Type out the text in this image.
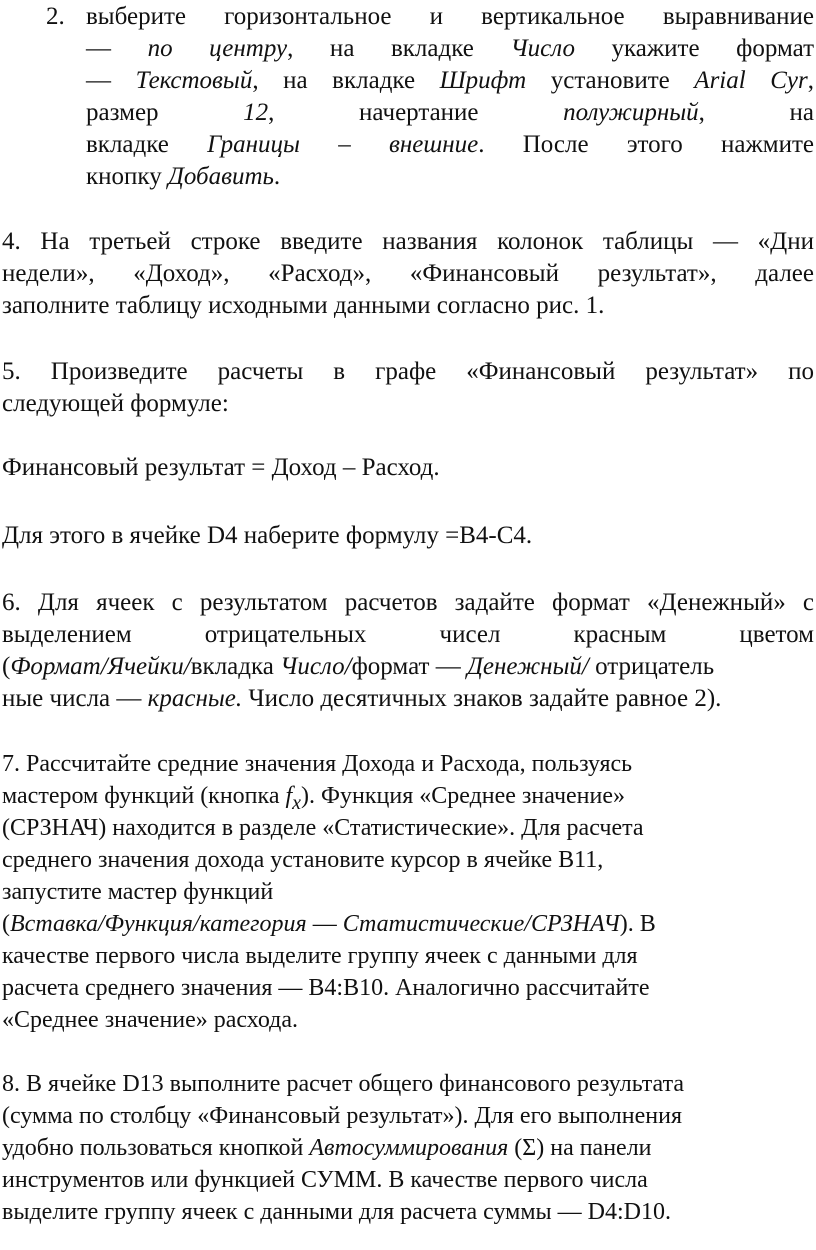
2. выберите горизонтальное и вертикальное выравнивание
— по центру, на вкладке Число укажите формат
— Текстовый, на вкладке Шрифт установите Arial Cyr,
размер 12, начертание полужирный, на
вкладке Границы – внешние. После этого нажмите
кнопку Добавить.
4. На третьей строке введите названия колонок таблицы — «Дни
недели», «Доход», «Расход», «Финансовый результат», далее
заполните таблицу исходными данными согласно рис. 1.
5. Произведите расчеты в графе «Финансовый результат» по
следующей формуле:
Финансовый результат = Доход – Расход.
Для этого в ячейке D4 наберите формулу =B4-C4.
6. Для ячеек с результатом расчетов задайте формат «Денежный» с
выделением отрицательных чисел красным цветом
(Формат/Ячейки/вкладка Число/формат — Денежный/ отрицатель
ные числа — красные. Число десятичных знаков задайте равное 2).
7. Рассчитайте средние значения Дохода и Расхода, пользуясь
мастером функций (кнопка $f_x$). Функция «Среднее значение»
(СРЗНАЧ) находится в разделе «Статистические». Для расчета
среднего значения дохода установите курсор в ячейке B11,
запустите мастер функций
(Вставка/Функция/категория — Статистические/СРЗНАЧ). В
качестве первого числа выделите группу ячеек с данными для
расчета среднего значения — B4:B10. Аналогично рассчитайте
«Среднее значение» расхода.
8. В ячейке D13 выполните расчет общего финансового результата
(сумма по столбцу «Финансовый результат»). Для его выполнения
удобно пользоваться кнопкой Автосуммирования (Σ) на панели
инструментов или функцией СУММ. В качестве первого числа
выделите группу ячеек с данными для расчета суммы — D4:D10.
